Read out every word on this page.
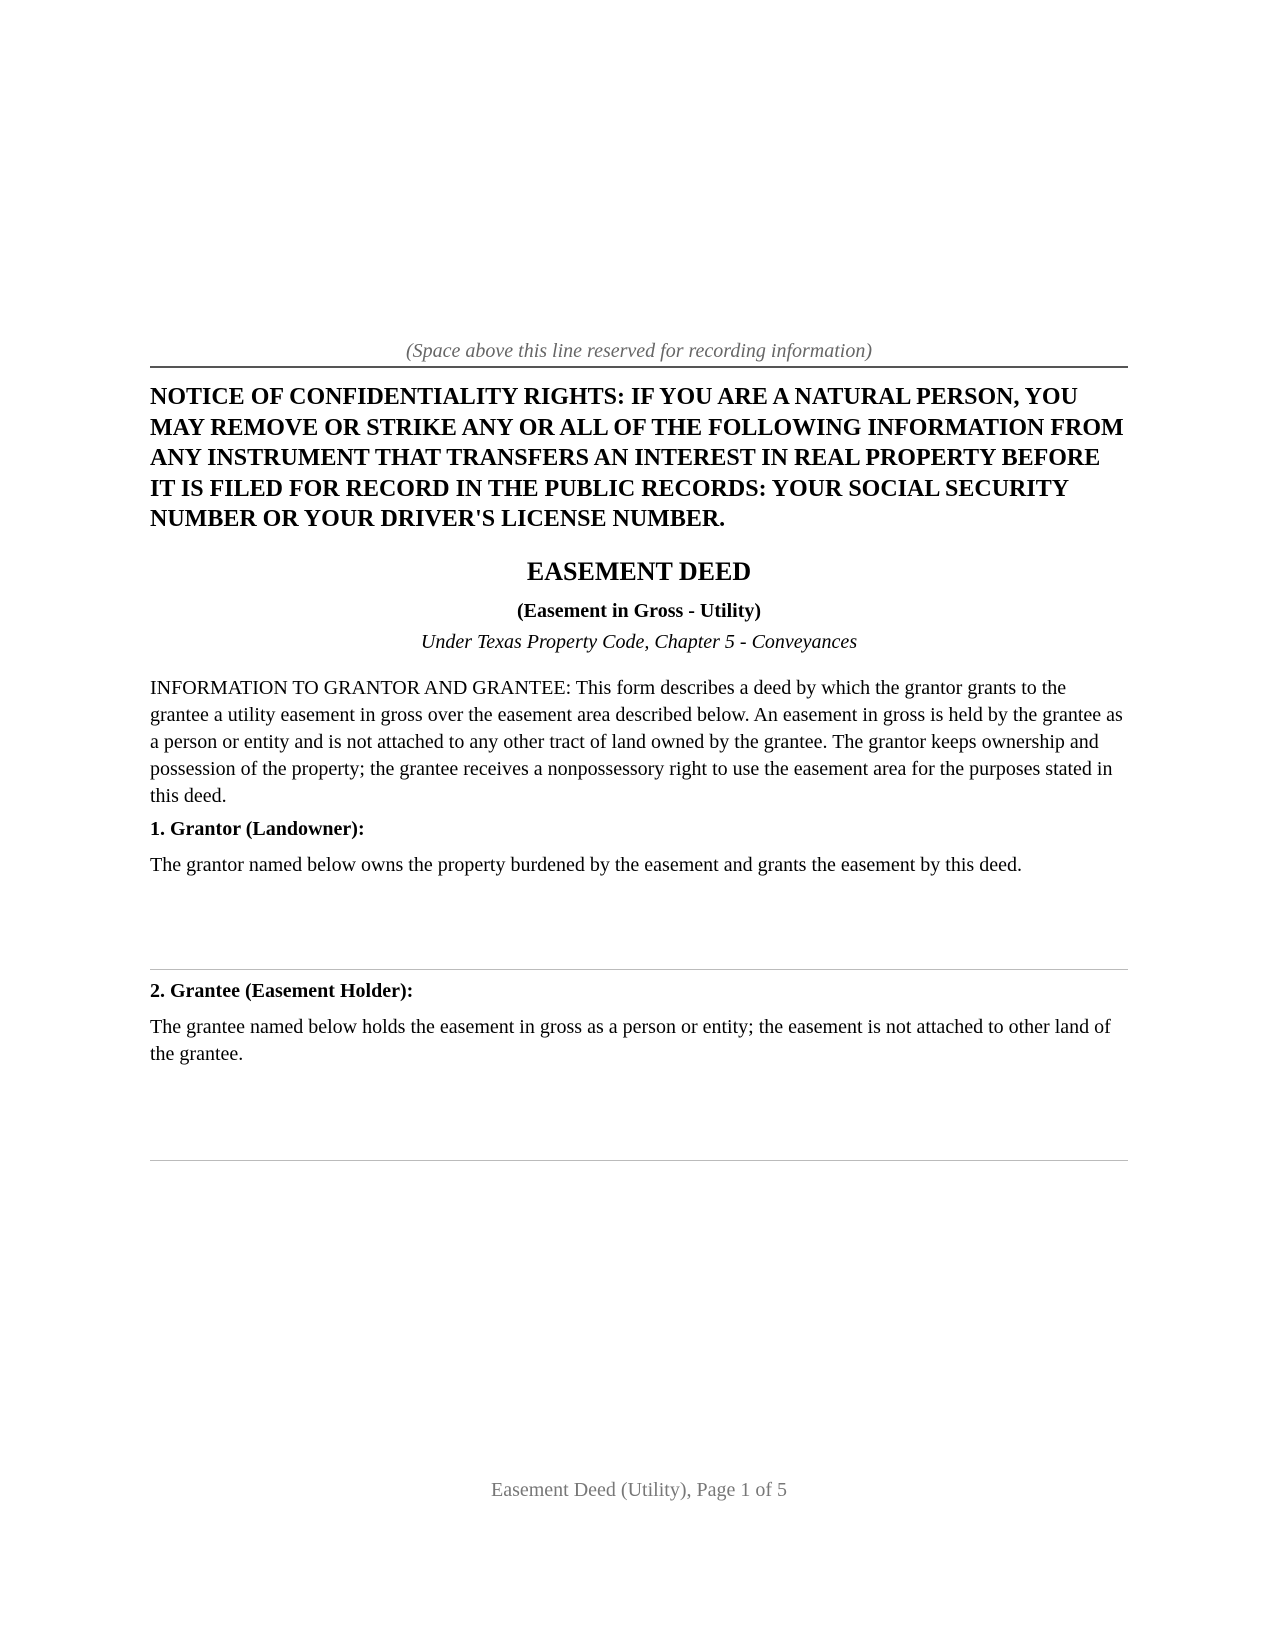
(Space above this line reserved for recording information)

NOTICE OF CONFIDENTIALITY RIGHTS: IF YOU ARE A NATURAL PERSON, YOU MAY REMOVE OR STRIKE ANY OR ALL OF THE FOLLOWING INFORMATION FROM ANY INSTRUMENT THAT TRANSFERS AN INTEREST IN REAL PROPERTY BEFORE IT IS FILED FOR RECORD IN THE PUBLIC RECORDS: YOUR SOCIAL SECURITY NUMBER OR YOUR DRIVER'S LICENSE NUMBER.

EASEMENT DEED
(Easement in Gross - Utility)
Under Texas Property Code, Chapter 5 - Conveyances

INFORMATION TO GRANTOR AND GRANTEE: This form describes a deed by which the grantor grants to the grantee a utility easement in gross over the easement area described below. An easement in gross is held by the grantee as a person or entity and is not attached to any other tract of land owned by the grantee. The grantor keeps ownership and possession of the property; the grantee receives a nonpossessory right to use the easement area for the purposes stated in this deed.

1. Grantor (Landowner):

The grantor named below owns the property burdened by the easement and grants the easement by this deed.

2. Grantee (Easement Holder):

The grantee named below holds the easement in gross as a person or entity; the easement is not attached to other land of the grantee.

Easement Deed (Utility), Page 1 of 5
